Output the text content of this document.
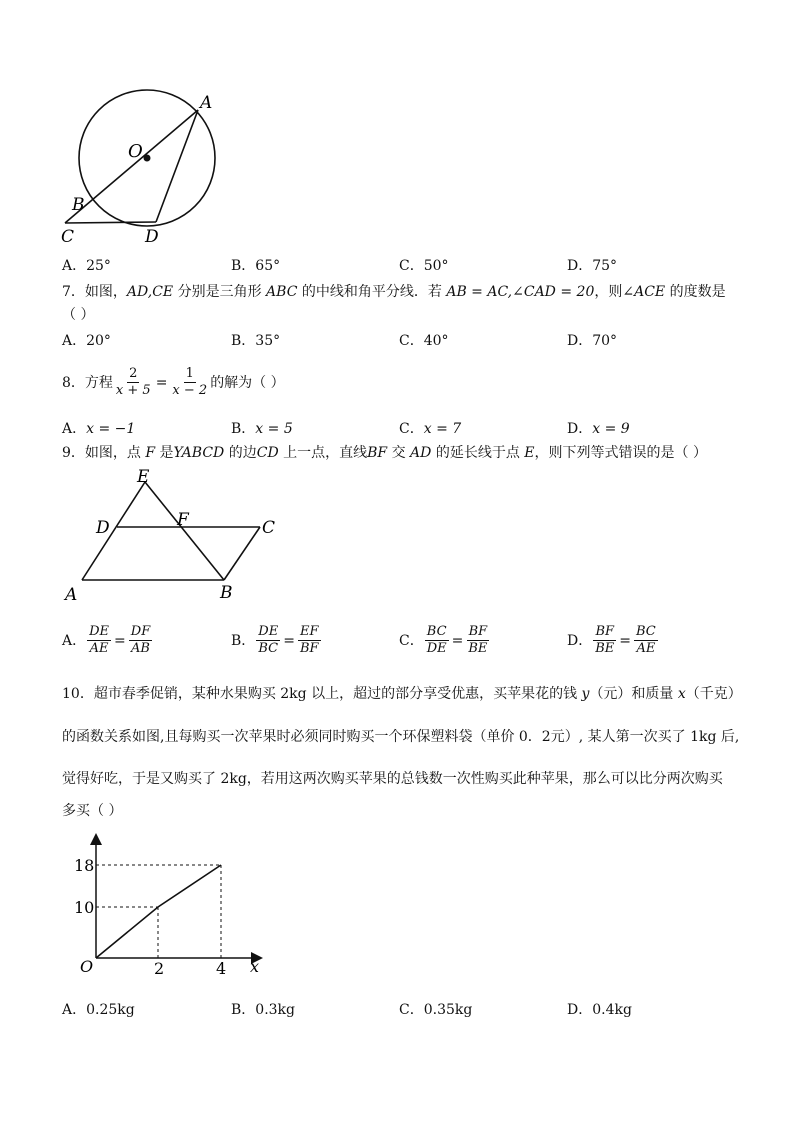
A
O
B
C	D
A．25°	B．65°	C．50°	D．75°
7．如图，AD,CE 分别是三角形 ABC 的中线和角平分线．若 AB = AC,∠CAD = 20，则∠ACE 的度数是
（ ）
A．20°	B．35°	C．40°	D．70°
8．方程 $\frac{2}{x + 5} = \frac{1}{x - 2}$ 的解为（ ）
A．x = −1	B．x = 5	C．x = 7	D．x = 9
9．如图，点 F 是YABCD 的边CD 上一点，直线BF 交 AD 的延长线于点 E，则下列等式错误的是（ ）
E
D	F	C
A	B
A． $\frac{DE}{AE} = \frac{DF}{AB}$	B． $\frac{DE}{BC} = \frac{EF}{BF}$	C． $\frac{BC}{DE} = \frac{BF}{BE}$	D． $\frac{BF}{BE} = \frac{BC}{AE}$
10．超市春季促销，某种水果购买 2kg 以上，超过的部分享受优惠，买苹果花的钱 y（元）和质量 x（千克）
的函数关系如图,且每购买一次苹果时必须同时购买一个环保塑料袋（单价 0．2元）, 某人第一次买了 1kg 后,
觉得好吃，于是又购买了 2kg，若用这两次购买苹果的总钱数一次性购买此种苹果，那么可以比分两次购买
多买（ ）
18
10
2	4
O	x
A．0.25kg	B．0.3kg	C．0.35kg	D．0.4kg
